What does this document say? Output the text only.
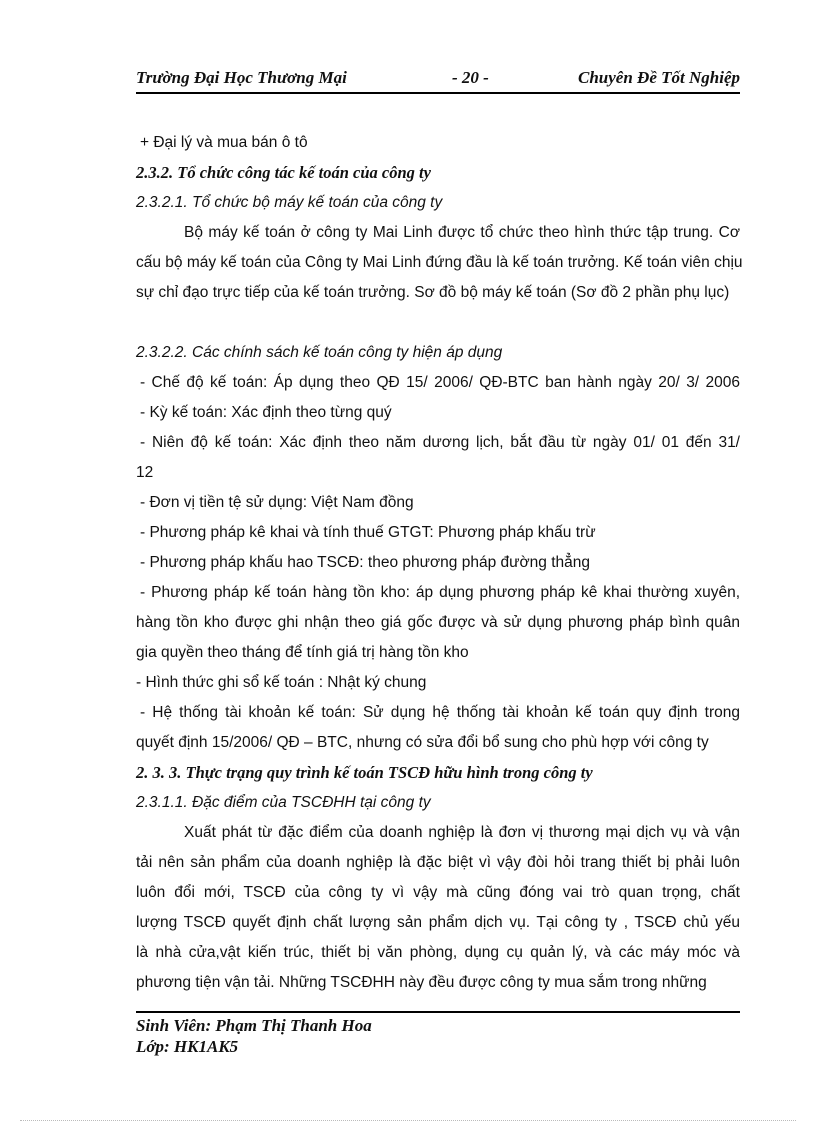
Trường Đại Học Thương Mại	- 20 -	Chuyên Đề Tốt Nghiệp
+ Đại lý và mua bán ô tô
2.3.2. Tổ chức công tác kế toán của công ty
2.3.2.1. Tổ chức bộ máy kế toán của công ty
Bộ máy kế toán ở công ty Mai Linh được tổ chức theo hình thức tập trung. Cơ
cấu bộ máy kế toán của Công ty Mai Linh đứng đầu là kế toán trưởng. Kế toán viên chịu
sự chỉ đạo trực tiếp của kế toán trưởng. Sơ đồ bộ máy kế toán (Sơ đồ 2 phần phụ lục)
2.3.2.2. Các chính sách kế toán công ty hiện áp dụng
- Chế độ kế toán: Áp dụng theo QĐ 15/ 2006/ QĐ-BTC ban hành ngày 20/ 3/ 2006
- Kỳ kế toán: Xác định theo từng quý
- Niên độ kế toán: Xác định theo năm dương lịch, bắt đầu từ ngày 01/ 01 đến 31/
12
- Đơn vị tiền tệ sử dụng: Việt Nam đồng
- Phương pháp kê khai và tính thuế GTGT: Phương pháp khấu trừ
- Phương pháp khấu hao TSCĐ: theo phương pháp đường thẳng
- Phương pháp kế toán hàng tồn kho: áp dụng phương pháp kê khai thường xuyên,
hàng tồn kho được ghi nhận theo giá gốc được và sử dụng phương pháp bình quân
gia quyền theo tháng để tính giá trị hàng tồn kho
- Hình thức ghi sổ kế toán : Nhật ký chung
- Hệ thống tài khoản kế toán: Sử dụng hệ thống tài khoản kế toán quy định trong
quyết định 15/2006/ QĐ – BTC, nhưng có sửa đổi bổ sung cho phù hợp với công ty
2. 3. 3. Thực trạng quy trình kế toán TSCĐ hữu hình trong công ty
2.3.1.1. Đặc điểm của TSCĐHH tại công ty
Xuất phát từ đặc điểm của doanh nghiệp là đơn vị thương mại dịch vụ và vận
tải nên sản phẩm của doanh nghiệp là đặc biệt vì vậy đòi hỏi trang thiết bị phải luôn
luôn đổi mới, TSCĐ của công ty vì vậy mà cũng đóng vai trò quan trọng, chất
lượng TSCĐ quyết định chất lượng sản phẩm dịch vụ. Tại công ty , TSCĐ chủ yếu
là nhà cửa,vật kiến trúc, thiết bị văn phòng, dụng cụ quản lý, và các máy móc và
phương tiện vận tải. Những TSCĐHH này đều được công ty mua sắm trong những
Sinh Viên: Phạm Thị Thanh Hoa
Lớp: HK1AK5
